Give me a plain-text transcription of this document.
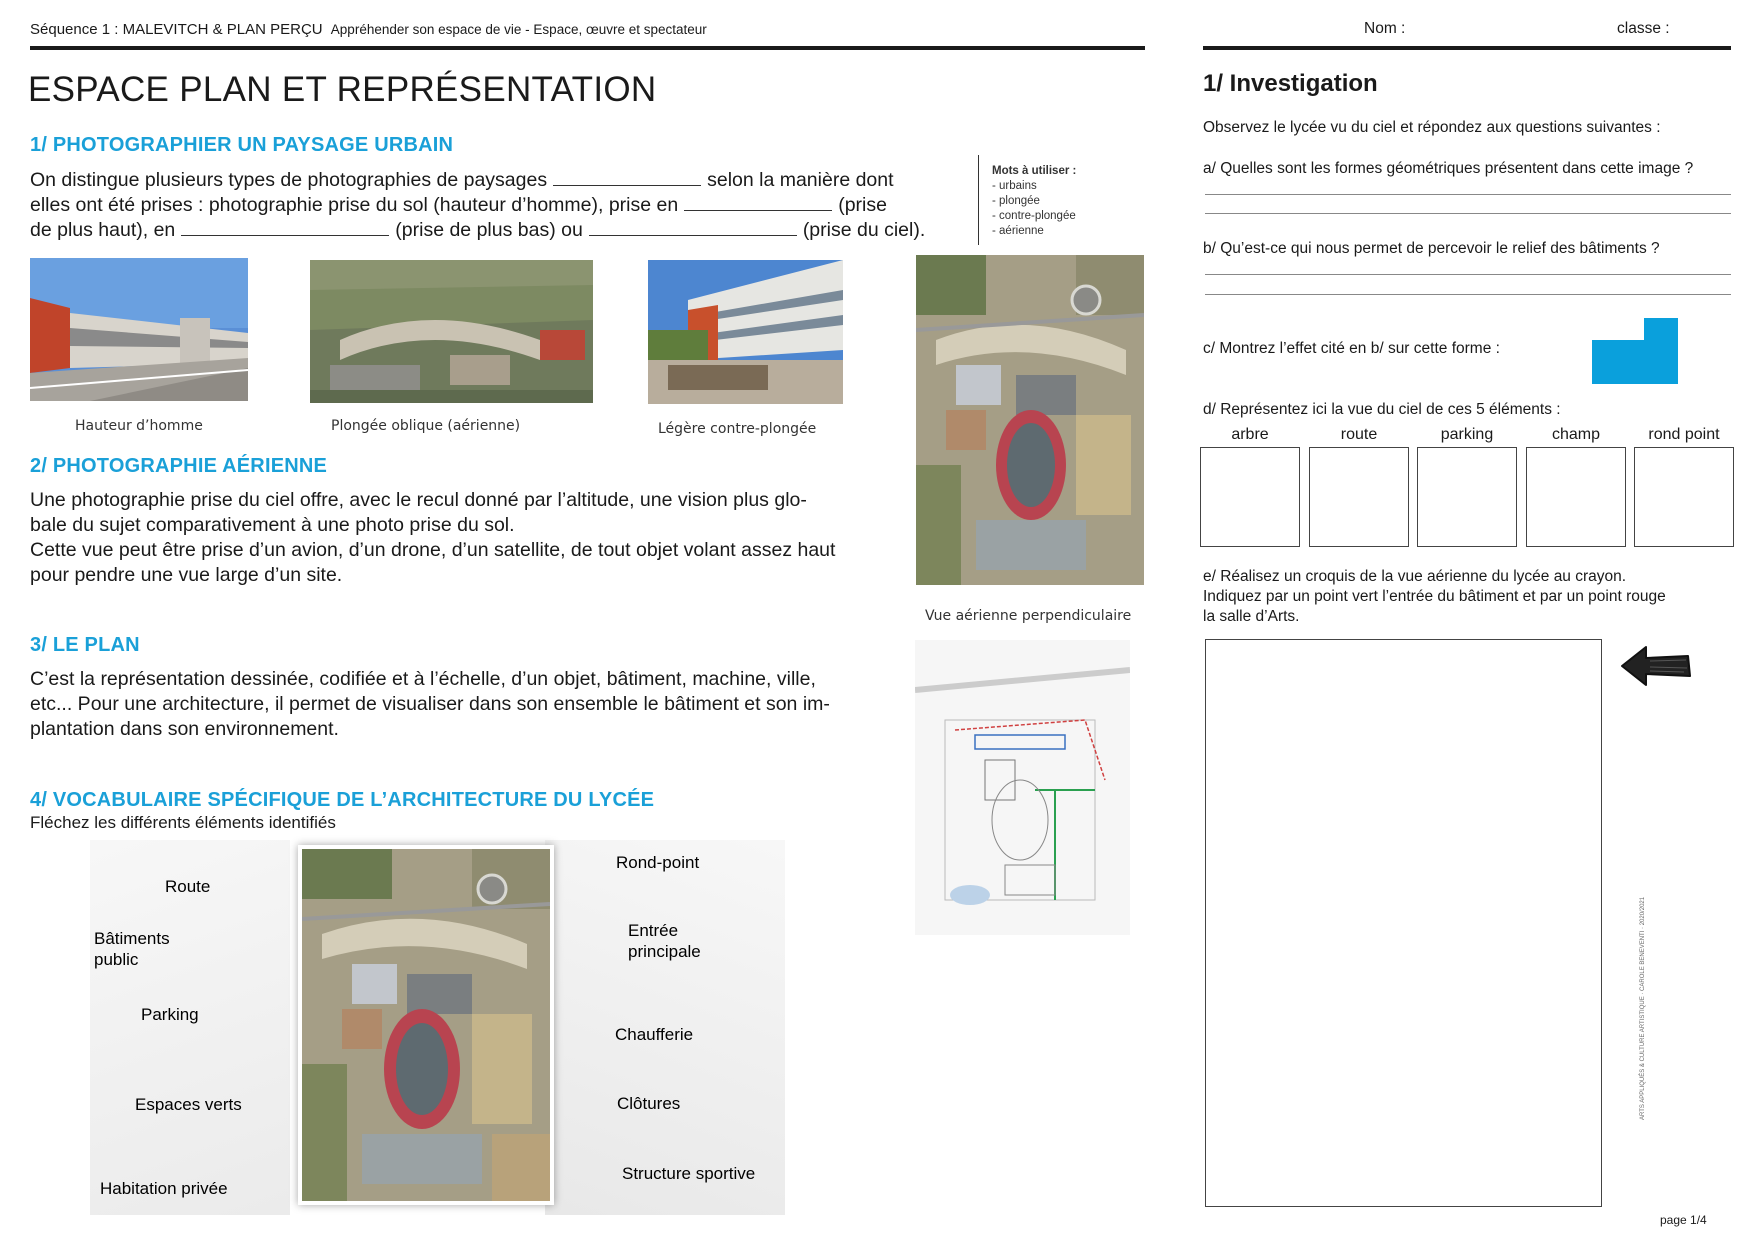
Séquence 1 : MALEVITCH & PLAN PERÇU Appréhender son espace de vie - Espace, œuvre et spectateur
ESPACE PLAN ET REPRÉSENTATION
1/ PHOTOGRAPHIER UN PAYSAGE URBAIN
On distingue plusieurs types de photographies de paysages	selon la manière dont
elles ont été prises : photographie prise du sol (hauteur d’homme), prise en	(prise
de plus haut), en	(prise de plus bas) ou	(prise du ciel).
Mots à utiliser :
- urbains
- plongée
- contre-plongée
- aérienne
Hauteur d’homme	Plongée oblique (aérienne)	Légère contre-plongée
Vue aérienne perpendiculaire
2/ PHOTOGRAPHIE AÉRIENNE
Une photographie prise du ciel offre, avec le recul donné par l’altitude, une vision plus glo-
bale du sujet comparativement à une photo prise du sol.
Cette vue peut être prise d’un avion, d’un drone, d’un satellite, de tout objet volant assez haut
pour pendre une vue large d’un site.
3/ LE PLAN
C’est la représentation dessinée, codifiée et à l’échelle, d’un objet, bâtiment, machine, ville,
etc... Pour une architecture, il permet de visualiser dans son ensemble le bâtiment et son im-
plantation dans son environnement.
4/ VOCABULAIRE SPÉCIFIQUE DE L’ARCHITECTURE DU LYCÉE
Fléchez les différents éléments identifiés
Route
Bâtiments
public
Parking
Espaces verts
Habitation privée
Rond-point
Entrée
principale
Chaufferie
Clôtures
Structure sportive
Nom :	classe :
1/ Investigation
Observez le lycée vu du ciel et répondez aux questions suivantes :
a/ Quelles sont les formes géométriques présentent dans cette image ?
b/ Qu’est-ce qui nous permet de percevoir le relief des bâtiments ?
c/ Montrez l’effet cité en b/ sur cette forme :
d/ Représentez ici la vue du ciel de ces 5 éléments :
arbre	route	parking	champ	rond point
e/ Réalisez un croquis de la vue aérienne du lycée au crayon.
Indiquez par un point vert l’entrée du bâtiment et par un point rouge
la salle d’Arts.
ARTS APPLIQUÉS & CULTURE ARTISTIQUE · CAROLE BENEVENTI · 2020/2021
page 1/4
